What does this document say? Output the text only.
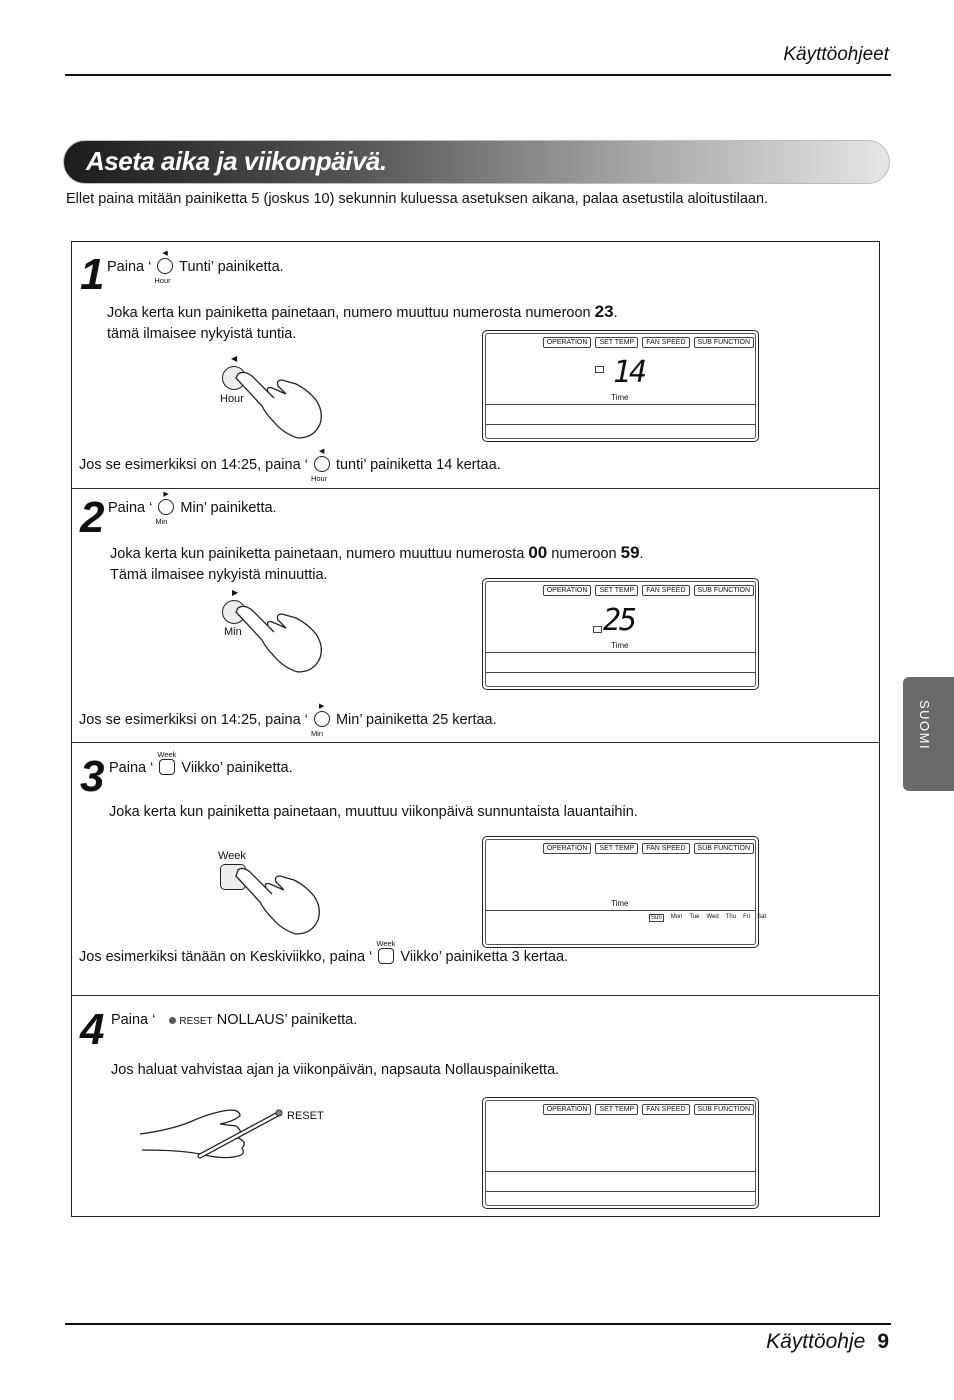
Käyttöohjeet
Aseta aika ja viikonpäivä.
Ellet paina mitään painiketta 5 (joskus 10) sekunnin kuluessa asetuksen aikana, palaa asetustila aloitustilaan.
1 Paina ‘
◀
Hour
Tunti’ painiketta.
Joka kerta kun painiketta painetaan, numero muuttuu numerosta numeroon 23.
tämä ilmaisee nykyistä tuntia.
◀
Hour
OPERATION	SET TEMP	FAN SPEED	SUB FUNCTION
14
Time
Jos se esimerkiksi on 14:25, paina ‘
◀
Hour
tunti’ painiketta 14 kertaa.
2 Paina ‘
▶
Min
Min’ painiketta.
Joka kerta kun painiketta painetaan, numero muuttuu numerosta 00 numeroon 59.
Tämä ilmaisee nykyistä minuuttia.
▶
Min
OPERATION	SET TEMP	FAN SPEED	SUB FUNCTION
25
Time
Jos se esimerkiksi on 14:25, paina ‘
▶
Min
Min’ painiketta 25 kertaa.
3 Paina ‘
Week
Viikko’ painiketta.
Joka kerta kun painiketta painetaan, muuttuu viikonpäivä sunnuntaista lauantaihin.
Week
OPERATION	SET TEMP	FAN SPEED	SUB FUNCTION
Time
Sun	Mon Tue Wed Thu Fri Sat
Jos esimerkiksi tänään on Keskiviikko, paina ‘
Week
Viikko’ painiketta 3 kertaa.
4 Paina ‘ RESET NOLLAUS’ painiketta.
Jos haluat vahvistaa ajan ja viikonpäivän, napsauta Nollauspainiketta.
RESET
OPERATION	SET TEMP	FAN SPEED	SUB FUNCTION
SUOMI
Käyttöohje 9
